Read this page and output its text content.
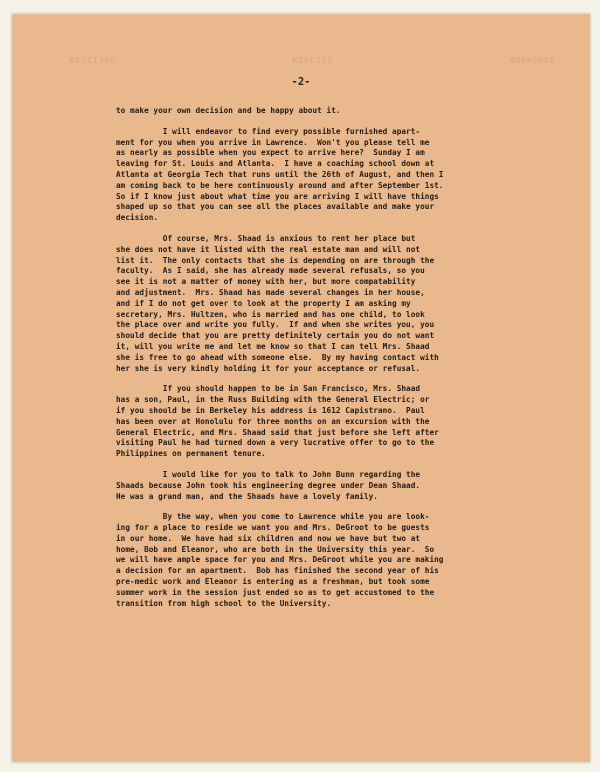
RECEIVED	REPLIED	ANSWERED
-2-
to make your own decision and be happy about it.
I will endeavor to find every possible furnished apart-
ment for you when you arrive in Lawrence.  Won't you please tell me
as nearly as possible when you expect to arrive here?  Sunday I am
leaving for St. Louis and Atlanta.  I have a coaching school down at
Atlanta at Georgia Tech that runs until the 26th of August, and then I
am coming back to be here continuously around and after September 1st.
So if I know just about what time you are arriving I will have things
shaped up so that you can see all the places available and make your
decision.
Of course, Mrs. Shaad is anxious to rent her place but
she does not have it listed with the real estate man and will not
list it.  The only contacts that she is depending on are through the
faculty.  As I said, she has already made several refusals, so you
see it is not a matter of money with her, but more compatability
and adjustment.  Mrs. Shaad has made several changes in her house,
and if I do not get over to look at the property I am asking my
secretary, Mrs. Hultzen, who is married and has one child, to look
the place over and write you fully.  If and when she writes you, you
should decide that you are pretty definitely certain you do not want
it, will you write me and let me know so that I can tell Mrs. Shaad
she is free to go ahead with someone else.  By my having contact with
her she is very kindly holding it for your acceptance or refusal.
If you should happen to be in San Francisco, Mrs. Shaad
has a son, Paul, in the Russ Building with the General Electric; or
if you should be in Berkeley his address is 1612 Capistrano.  Paul
has been over at Honolulu for three months on an excursion with the
General Electric, and Mrs. Shaad said that just before she left after
visiting Paul he had turned down a very lucrative offer to go to the
Philippines on permanent tenure.
I would like for you to talk to John Bunn regarding the
Shaads because John took his engineering degree under Dean Shaad.
He was a grand man, and the Shaads have a lovely family.
By the way, when you come to Lawrence while you are look-
ing for a place to reside we want you and Mrs. DeGroot to be guests
in our home.  We have had six children and now we have but two at
home, Bob and Eleanor, who are both in the University this year.  So
we will have ample space for you and Mrs. DeGroot while you are making
a decision for an apartment.  Bob has finished the second year of his
pre-medic work and Eleanor is entering as a freshman, but took some
summer work in the session just ended so as to get accustomed to the
transition from high school to the University.
